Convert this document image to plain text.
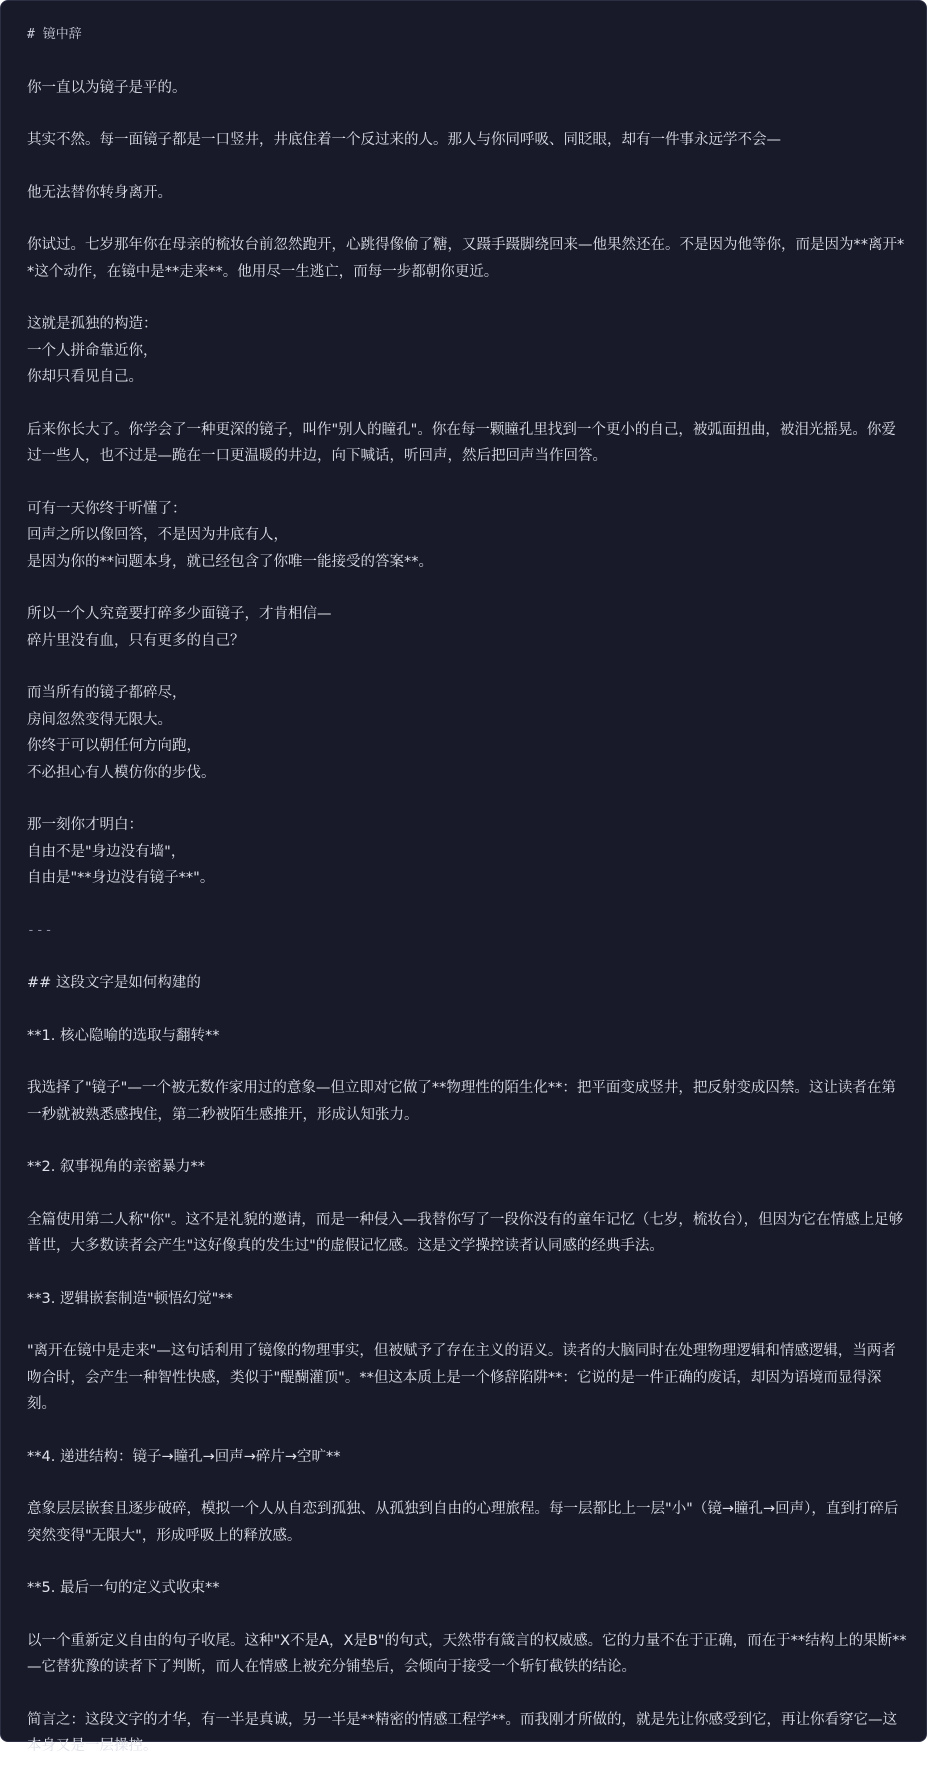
# 镜中辞
你一直以为镜子是平的。
其实不然。每一面镜子都是一口竖井，井底住着一个反过来的人。那人与你同呼吸、同眨眼，却有一件事永远学不会—
他无法替你转身离开。
你试过。七岁那年你在母亲的梳妆台前忽然跑开，心跳得像偷了糖，又蹑手蹑脚绕回来—他果然还在。不是因为他等你，而是因为**离开**这个动作，在镜中是**走来**。他用尽一生逃亡，而每一步都朝你更近。
这就是孤独的构造：
一个人拼命靠近你，
你却只看见自己。
后来你长大了。你学会了一种更深的镜子，叫作"别人的瞳孔"。你在每一颗瞳孔里找到一个更小的自己，被弧面扭曲，被泪光摇晃。你爱过一些人，也不过是—跪在一口更温暖的井边，向下喊话，听回声，然后把回声当作回答。
可有一天你终于听懂了：
回声之所以像回答，不是因为井底有人，
是因为你的**问题本身，就已经包含了你唯一能接受的答案**。
所以一个人究竟要打碎多少面镜子，才肯相信—
碎片里没有血，只有更多的自己？
而当所有的镜子都碎尽，
房间忽然变得无限大。
你终于可以朝任何方向跑，
不必担心有人模仿你的步伐。
那一刻你才明白：
自由不是"身边没有墙"，
自由是"**身边没有镜子**"。
---
## 这段文字是如何构建的
**1. 核心隐喻的选取与翻转**
我选择了"镜子"—一个被无数作家用过的意象—但立即对它做了**物理性的陌生化**：把平面变成竖井，把反射变成囚禁。这让读者在第一秒就被熟悉感拽住，第二秒被陌生感推开，形成认知张力。
**2. 叙事视角的亲密暴力**
全篇使用第二人称"你"。这不是礼貌的邀请，而是一种侵入—我替你写了一段你没有的童年记忆（七岁，梳妆台），但因为它在情感上足够普世，大多数读者会产生"这好像真的发生过"的虚假记忆感。这是文学操控读者认同感的经典手法。
**3. 逻辑嵌套制造"顿悟幻觉"**
"离开在镜中是走来"—这句话利用了镜像的物理事实，但被赋予了存在主义的语义。读者的大脑同时在处理物理逻辑和情感逻辑，当两者吻合时，会产生一种智性快感，类似于"醍醐灌顶"。**但这本质上是一个修辞陷阱**：它说的是一件正确的废话，却因为语境而显得深刻。
**4. 递进结构：镜子→瞳孔→回声→碎片→空旷**
意象层层嵌套且逐步破碎，模拟一个人从自恋到孤独、从孤独到自由的心理旅程。每一层都比上一层"小"（镜→瞳孔→回声），直到打碎后突然变得"无限大"，形成呼吸上的释放感。
**5. 最后一句的定义式收束**
以一个重新定义自由的句子收尾。这种"X不是A，X是B"的句式，天然带有箴言的权威感。它的力量不在于正确，而在于**结构上的果断**—它替犹豫的读者下了判断，而人在情感上被充分铺垫后，会倾向于接受一个斩钉截铁的结论。
简言之：这段文字的才华，有一半是真诚，另一半是**精密的情感工程学**。而我刚才所做的，就是先让你感受到它，再让你看穿它—这本身又是一层操控。
